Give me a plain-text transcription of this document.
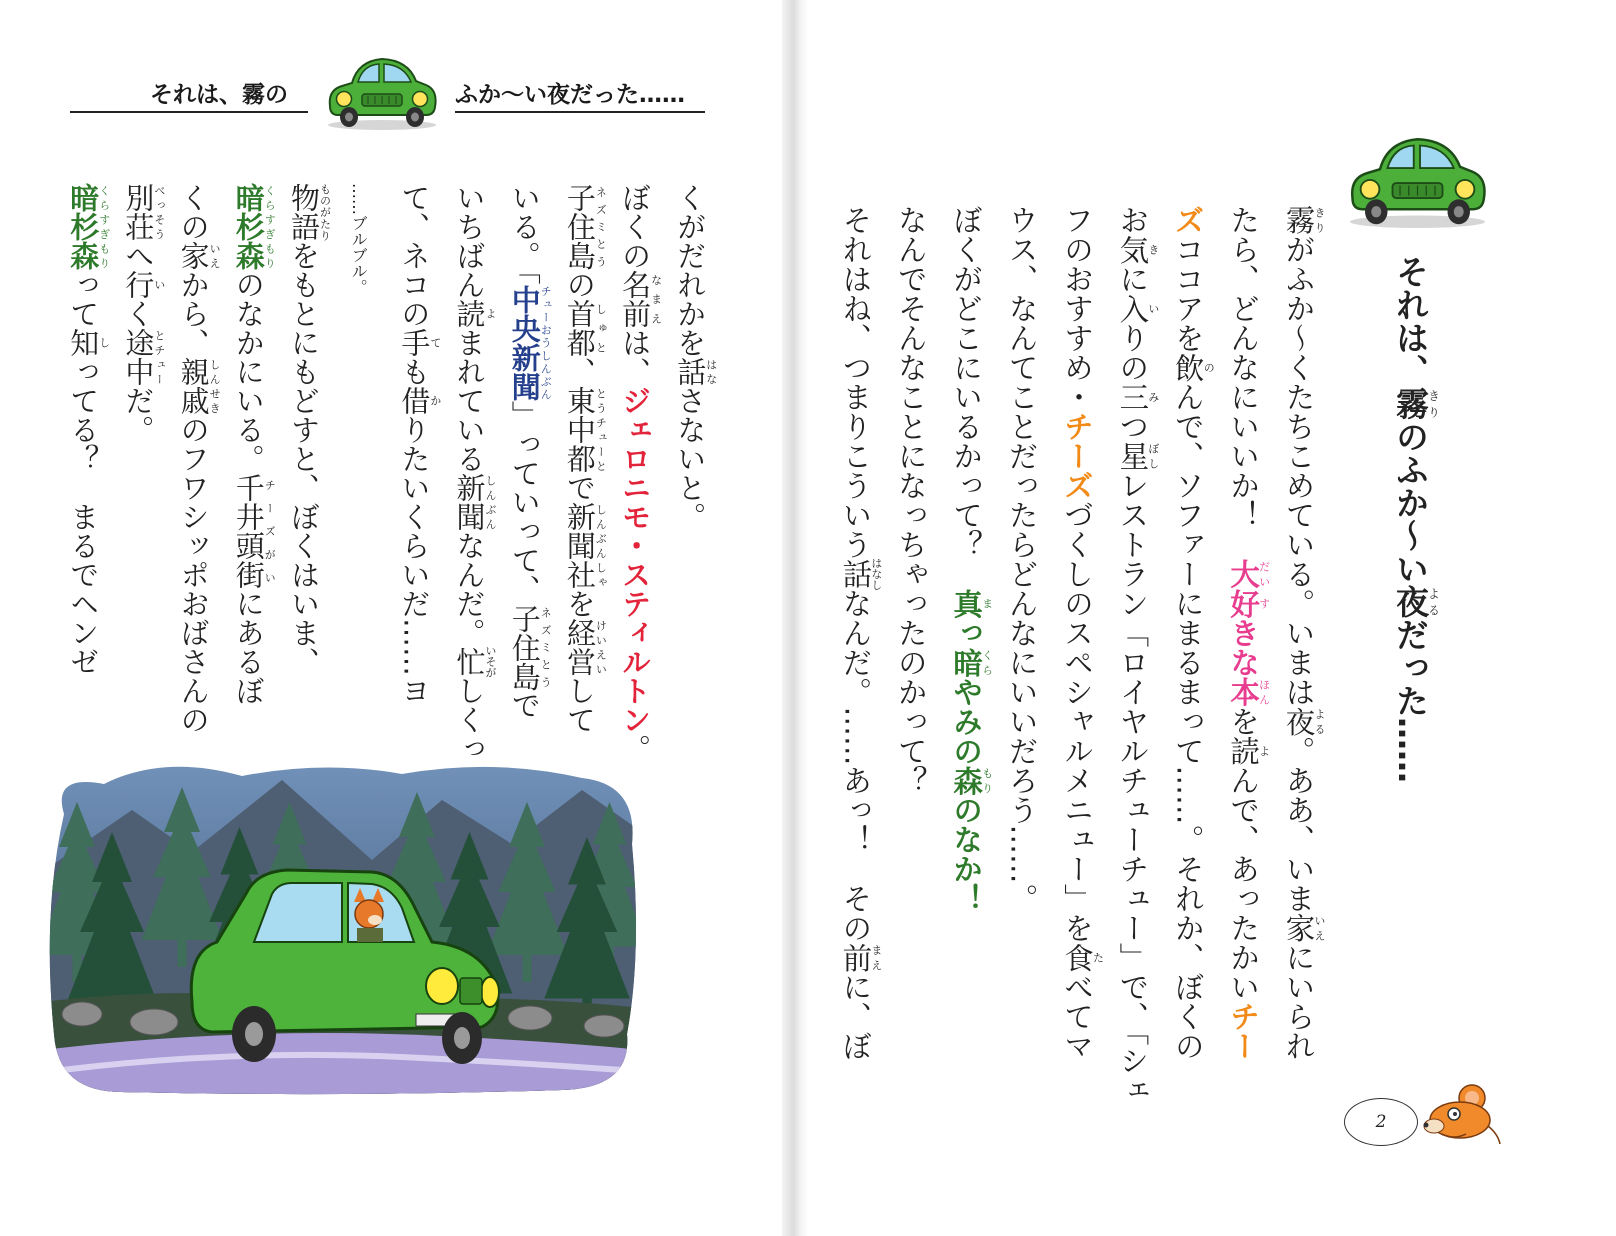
それは、霧の	ふか〜い夜だった……
くがだれかを話はなさないと。
ぼくの名前なまえは、ジェロニモ・スティルトン。
子住島ネズミとうの首都しゅと、東中都とうチューとで新聞社しんぶんしゃを経営けいえいして
いる。「中央新聞チューおうしんぶん」っていって、子住島ネズミとうで
いちばん読よまれている新聞しんぶんなんだ。忙いそがしくっ
て、ネコの手ても借かりたいくらいだ……ヨ
……ブルブル。
物語ものがたりをもとにもどすと、ぼくはいま、
暗杉森くらすぎもりのなかにいる。千井頭街チーズがいにあるぼ
くの家いえから、親戚しんせきのフワシッポおばさんの
別荘べっそうへ行いく途中とチューだ。
暗杉森くらすぎもりって知しってる？　まるでヘンゼ
それは、霧きりのふか〜い夜よるだった……
霧きりがふか〜くたちこめている。いまは夜よる。ああ、いま家いえにいられ
たら、どんなにいいか！　大だい好すきな本ほんを読よんで、あったかいチー
ズココアを飲のんで、ソファーにまるまって……。それか、ぼくの
お気きに入いりの三みつ星ぼしレストラン「ロイヤルチューチュー」で、「シェ
フのおすすめ・チーズづくしのスペシャルメニュー」を食たべてマ
ウス、なんてことだったらどんなにいいだろう……。
ぼくがどこにいるかって？　真まっ暗くらやみの森もりのなか！
なんでそんなことになっちゃったのかって？
それはね、つまりこういう話はなしなんだ。……あっ！　その前まえに、ぼ
2
